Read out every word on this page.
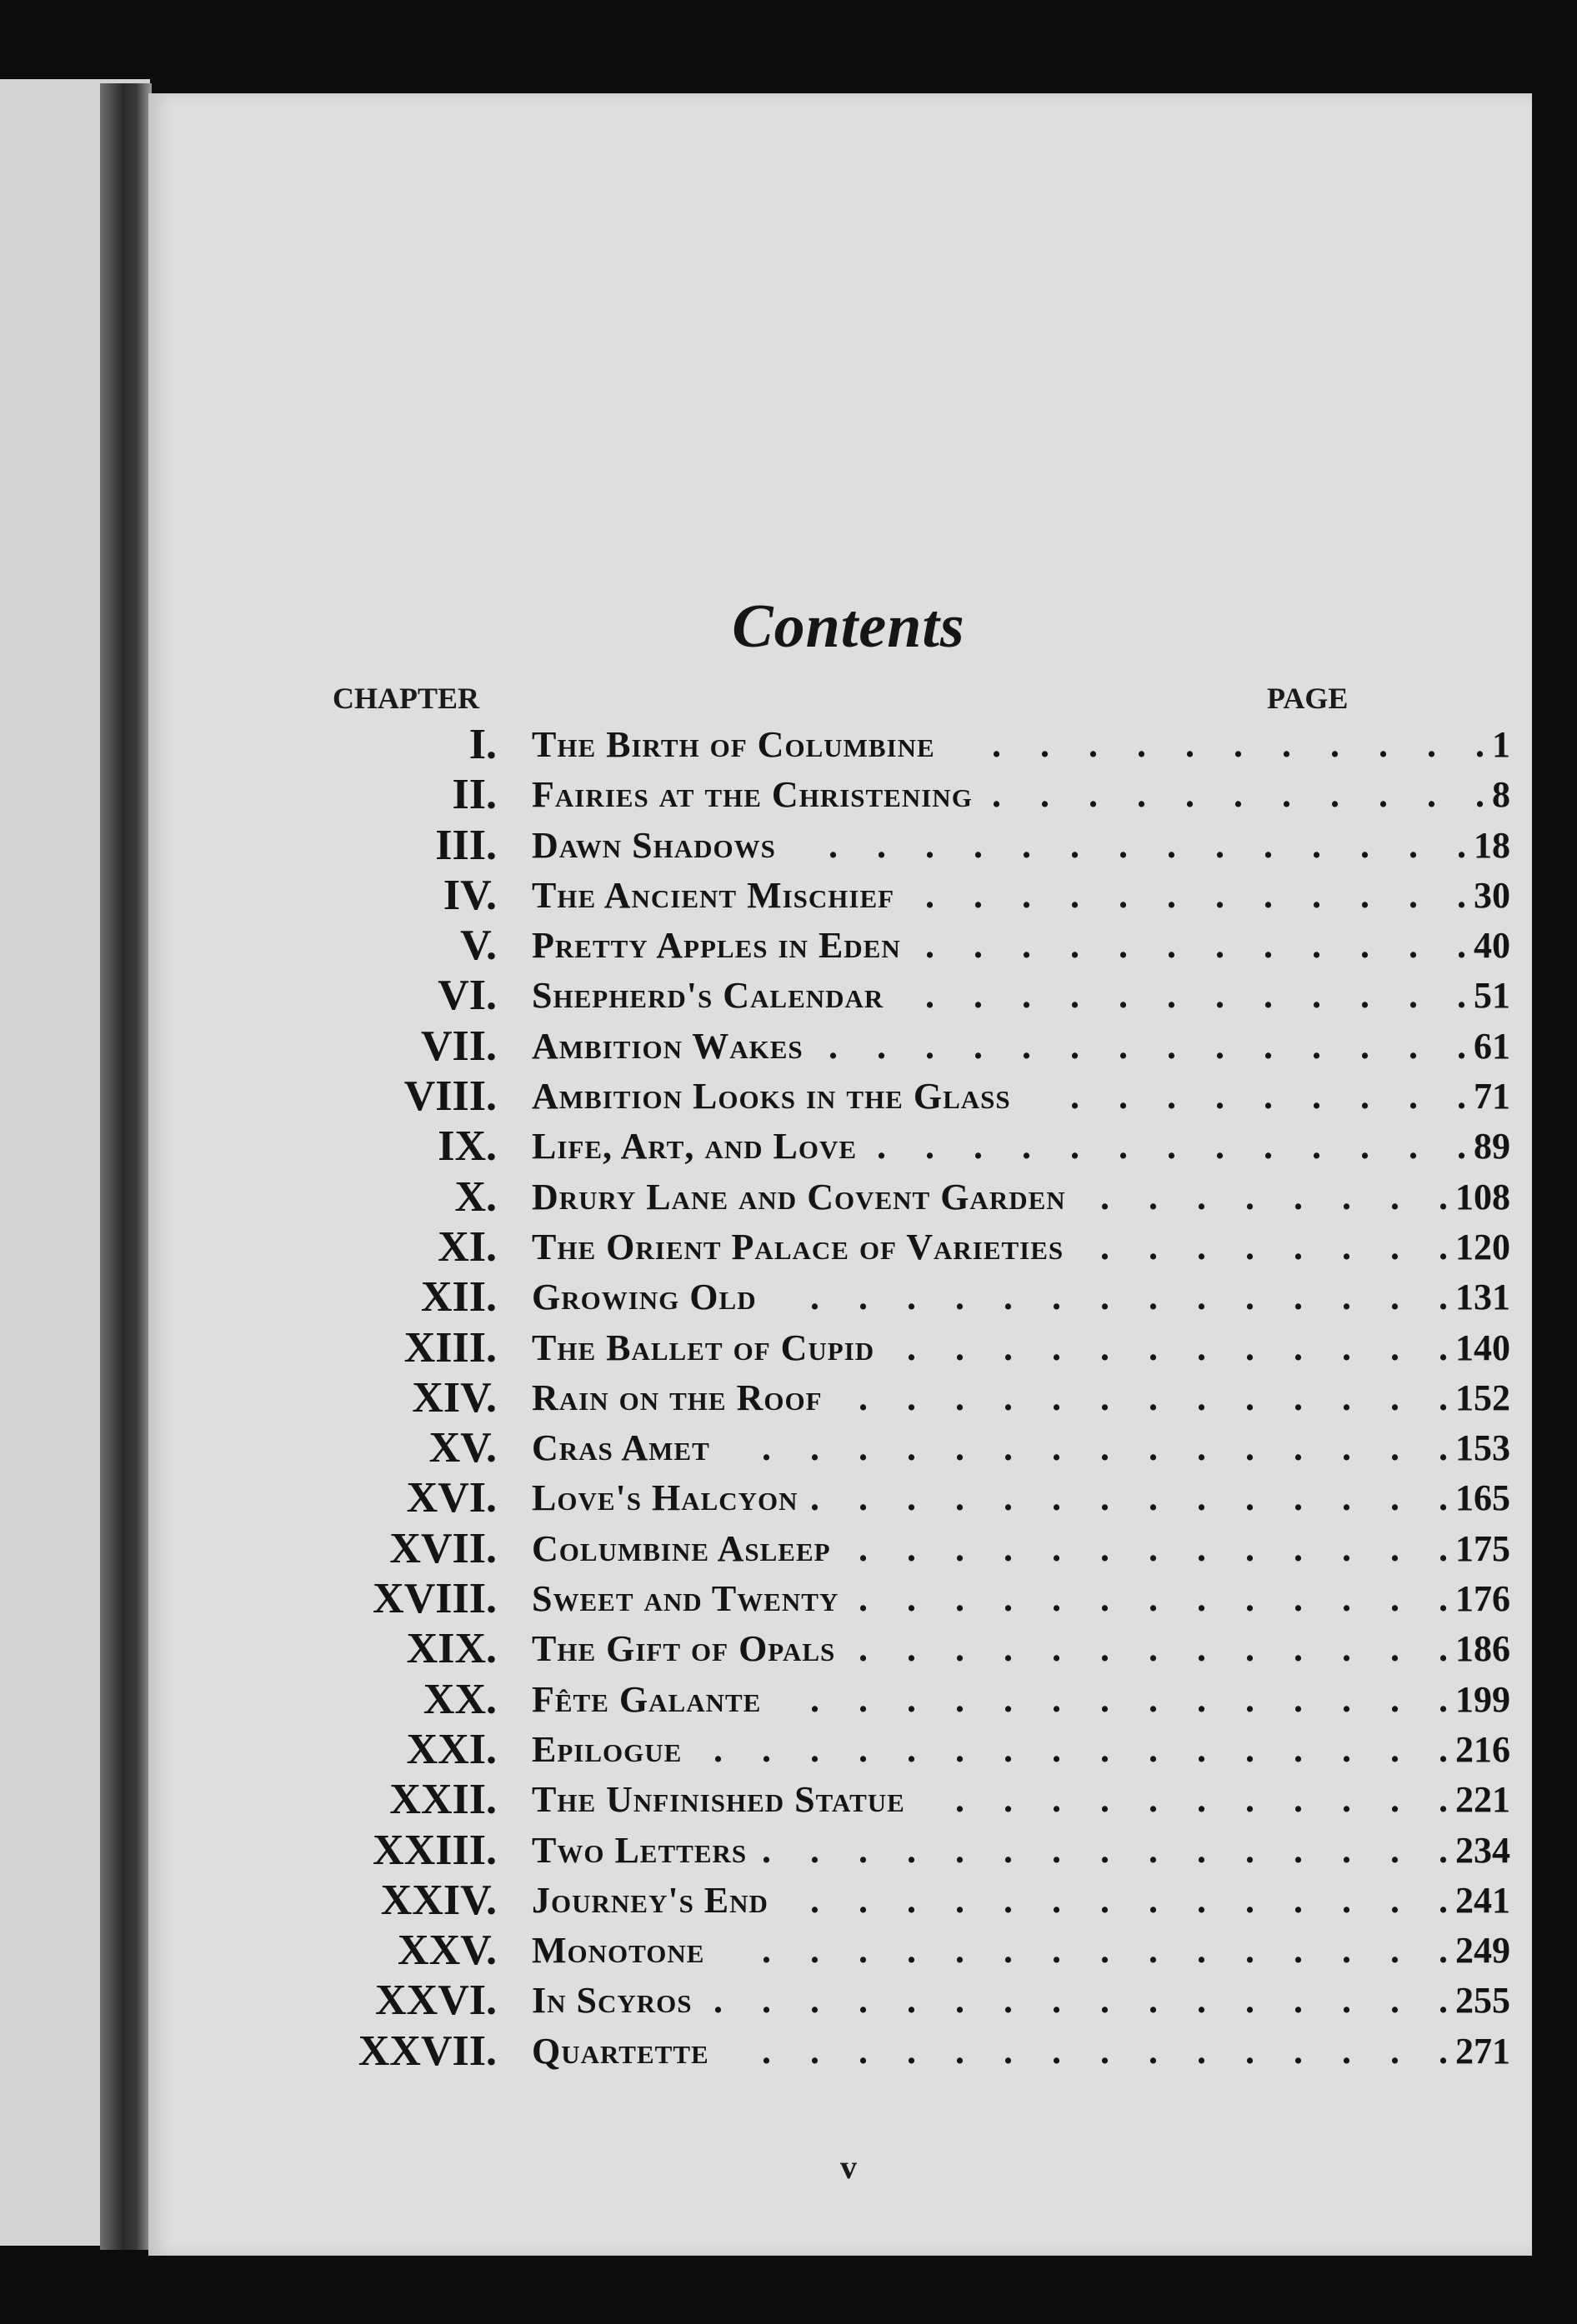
Contents
CHAPTER	PAGE
.
.
.
.
.
.
.
.
.
.
.
I. The Birth of Columbine	1
.
.
.
.
.
.
.
.
.
.
.
II. Fairies at the Christening	8
.
.
.
.
.
.
.
.
.
.
.
.
.
.
III. Dawn Shadows	18
.
.
.
.
.
.
.
.
.
.
.
.
IV. The Ancient Mischief	30
.
.
.
.
.
.
.
.
.
.
.
.
V. Pretty Apples in Eden	40
.
.
.
.
.
.
.
.
.
.
.
.
VI. Shepherd's Calendar	51
.
.
.
.
.
.
.
.
.
.
.
.
.
.
VII. Ambition Wakes	61
.
.
.
.
.
.
.
.
.
VIII. Ambition Looks in the Glass	71
.
.
.
.
.
.
.
.
.
.
.
.
.
IX. Life, Art, and Love	89
.
.
.
.
.
.
.
.
X. Drury Lane and Covent Garden	108
.
.
.
.
.
.
.
.
XI. The Orient Palace of Varieties	120
.
.
.
.
.
.
.
.
.
.
.
.
.
.
XII. Growing Old	131
.
.
.
.
.
.
.
.
.
.
.
.
XIII. The Ballet of Cupid	140
.
.
.
.
.
.
.
.
.
.
.
.
.
XIV. Rain on the Roof	152
.
.
.
.
.
.
.
.
.
.
.
.
.
.
.
XV. Cras Amet	153
.
.
.
.
.
.
.
.
.
.
.
.
.
.
XVI. Love's Halcyon	165
.
.
.
.
.
.
.
.
.
.
.
.
.
XVII. Columbine Asleep	175
.
.
.
.
.
.
.
.
.
.
.
.
.
XVIII. Sweet and Twenty	176
.
.
.
.
.
.
.
.
.
.
.
.
.
XIX. The Gift of Opals	186
.
.
.
.
.
.
.
.
.
.
.
.
.
.
XX. Fête Galante	199
.
.
.
.
.
.
.
.
.
.
.
.
.
.
.
.
XXI. Epilogue	216
.
.
.
.
.
.
.
.
.
.
.
XXII. The Unfinished Statue	221
.
.
.
.
.
.
.
.
.
.
.
.
.
.
.
XXIII. Two Letters	234
.
.
.
.
.
.
.
.
.
.
.
.
.
.
XXIV. Journey's End	241
.
.
.
.
.
.
.
.
.
.
.
.
.
.
.
XXV. Monotone	249
.
.
.
.
.
.
.
.
.
.
.
.
.
.
.
.
XXVI. In Scyros	255
.
.
.
.
.
.
.
.
.
.
.
.
.
.
.
XXVII. Quartette	271
v
